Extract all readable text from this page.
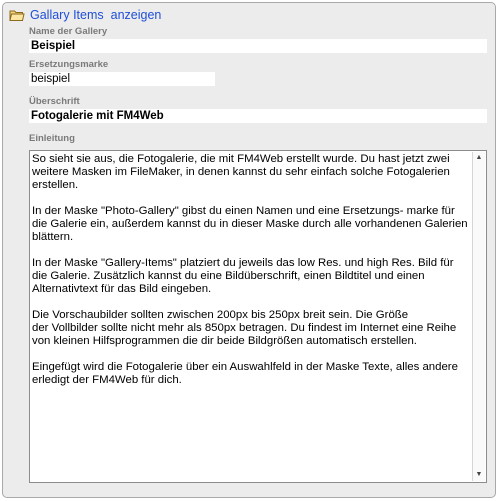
Gallary Items anzeigen
Name der Gallery
Beispiel
Ersetzungsmarke
beispiel
Überschrift
Fotogalerie mit FM4Web
Einleitung

So sieht sie aus, die Fotogalerie, die mit FM4Web erstellt wurde. Du hast jetzt zwei
weitere Masken im FileMaker, in denen kannst du sehr einfach solche Fotogalerien
erstellen.

In der Maske "Photo-Gallery" gibst du einen Namen und eine Ersetzungs- marke für
die Galerie ein, außerdem kannst du in dieser Maske durch alle vorhandenen Galerien
blättern.

In der Maske "Gallery-Items" platziert du jeweils das low Res. und high Res. Bild für
die Galerie. Zusätzlich kannst du eine Bildüberschrift, einen Bildtitel und einen
Alternativtext für das Bild eingeben.

Die Vorschaubilder sollten zwischen 200px bis 250px breit sein. Die Größe
der Vollbilder sollte nicht mehr als 850px betragen. Du findest im Internet eine Reihe
von kleinen Hilfsprogrammen die dir beide Bildgrößen automatisch erstellen.

Eingefügt wird die Fotogalerie über ein Auswahlfeld in der Maske Texte, alles andere
erledigt der FM4Web für dich.

▲
▼
